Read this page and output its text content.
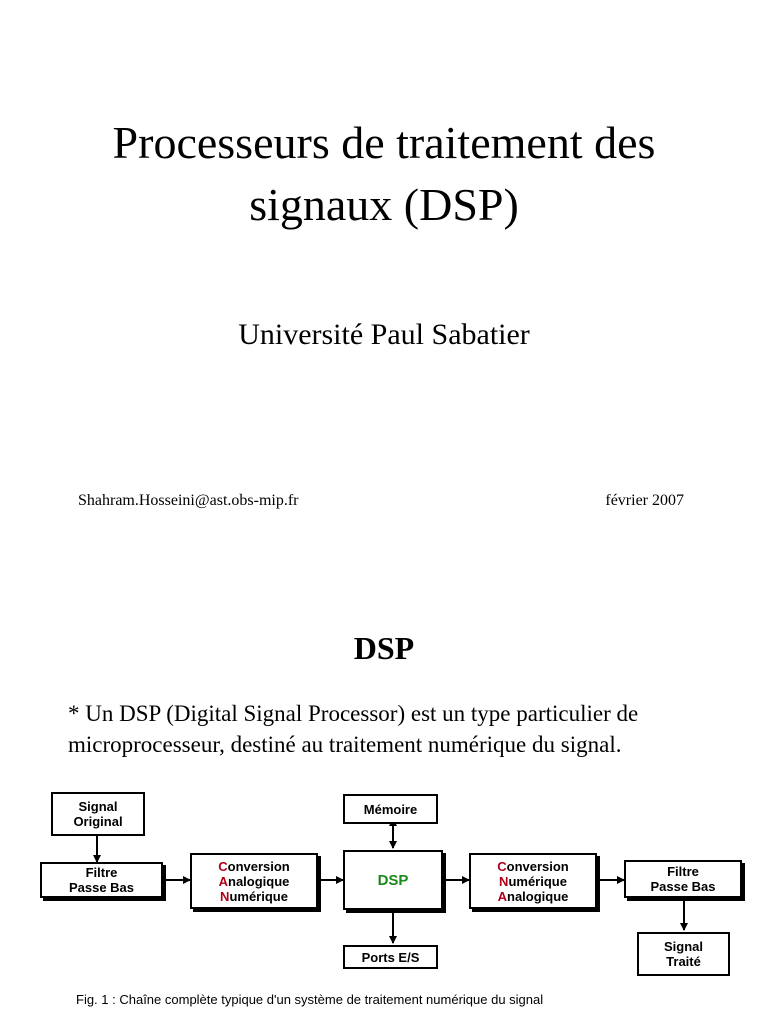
Processeurs de traitement des
signaux (DSP)
Université Paul Sabatier
Shahram.Hosseini@ast.obs-mip.fr	février 2007
DSP
* Un DSP (Digital Signal Processor) est un type particulier de
microprocesseur, destiné au traitement numérique du signal.
Signal
Original
Filtre
Passe Bas
Conversion
Analogique
Numérique
Mémoire
DSP
Ports E/S
Conversion
Numérique
Analogique
Filtre
Passe Bas
Signal
Traité
Fig. 1 : Chaîne complète typique d'un système de traitement numérique du signal
